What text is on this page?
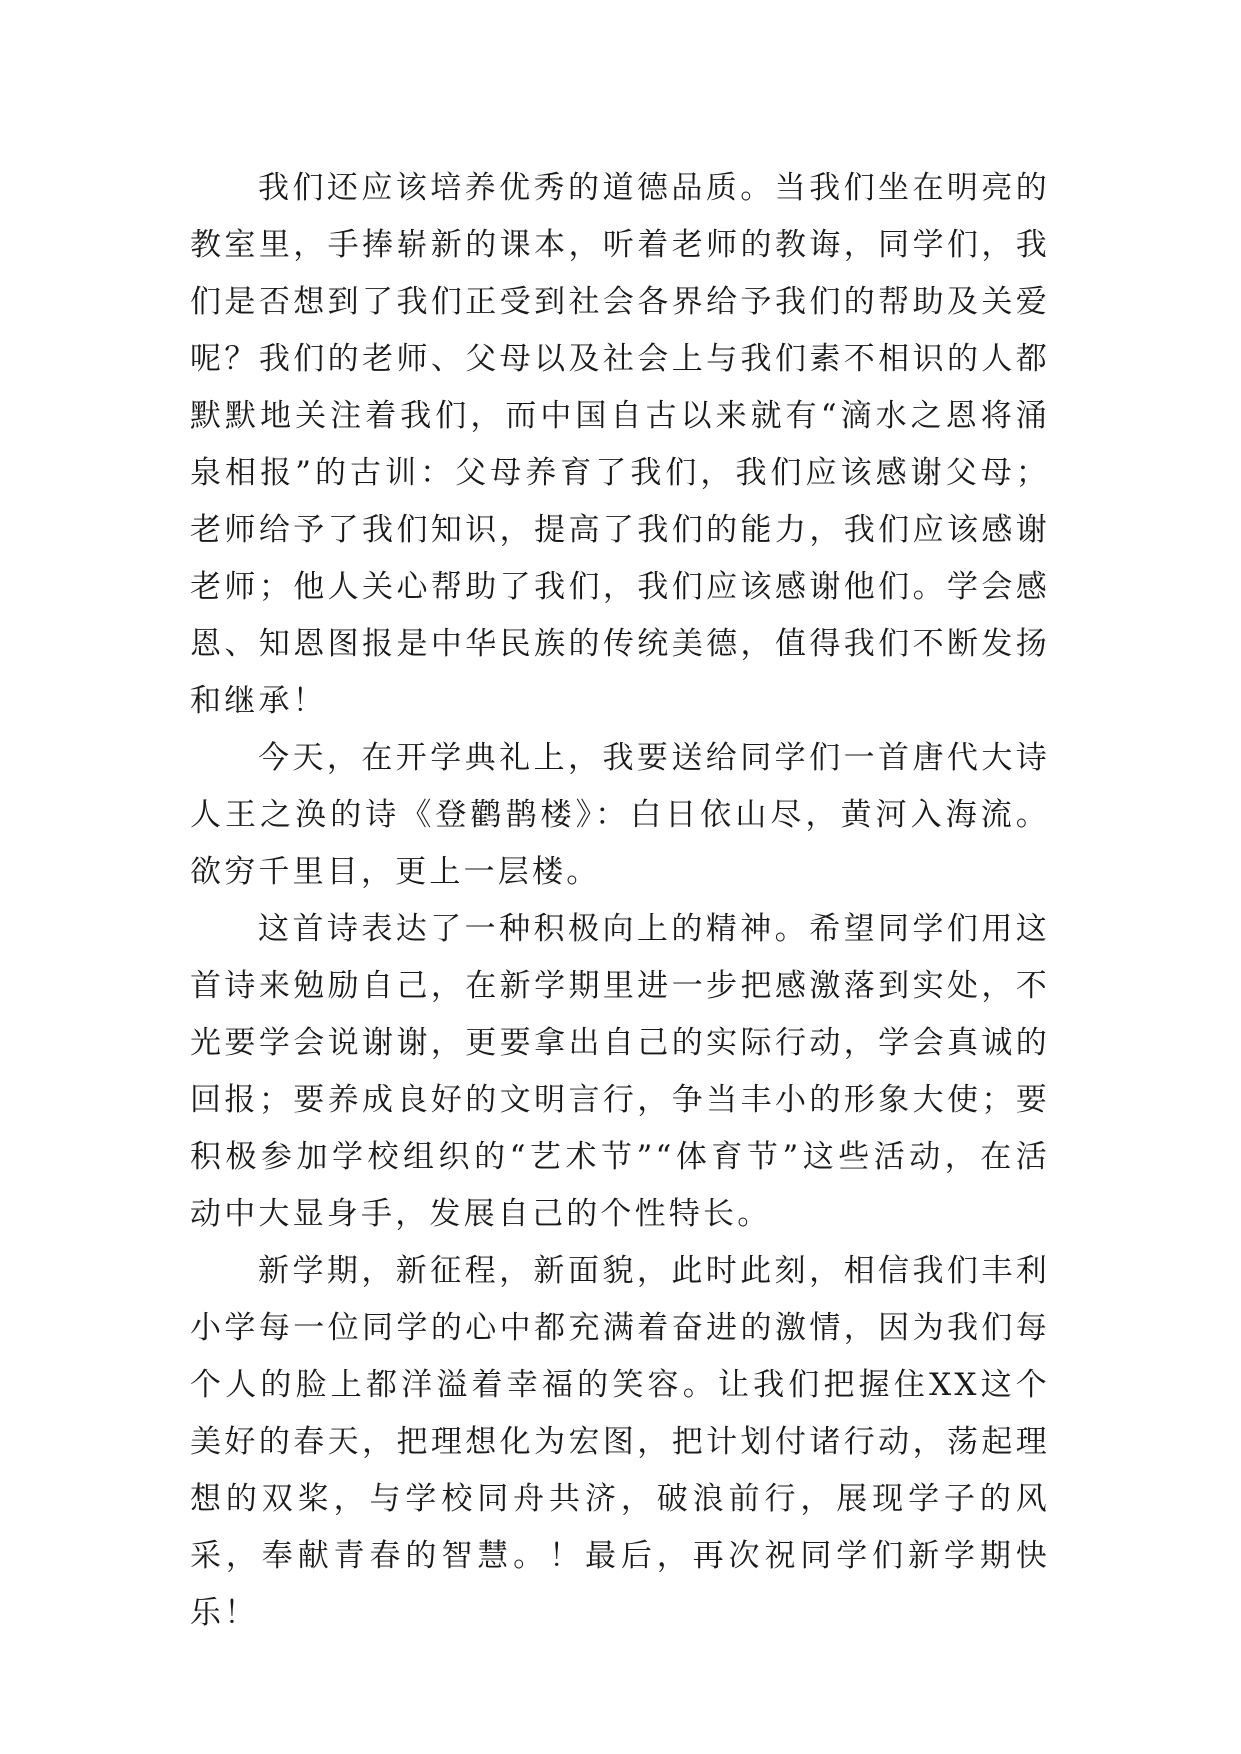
我们还应该培养优秀的道德品质。当我们坐在明亮的教室里，手捧崭新的课本，听着老师的教诲，同学们，我们是否想到了我们正受到社会各界给予我们的帮助及关爱呢？我们的老师、父母以及社会上与我们素不相识的人都默默地关注着我们，而中国自古以来就有“滴水之恩将涌泉相报”的古训：父母养育了我们，我们应该感谢父母；老师给予了我们知识，提高了我们的能力，我们应该感谢老师；他人关心帮助了我们，我们应该感谢他们。学会感恩、知恩图报是中华民族的传统美德，值得我们不断发扬和继承！

今天，在开学典礼上，我要送给同学们一首唐代大诗人王之涣的诗《登鹳鹊楼》：白日依山尽，黄河入海流。欲穷千里目，更上一层楼。

这首诗表达了一种积极向上的精神。希望同学们用这首诗来勉励自己，在新学期里进一步把感激落到实处，不光要学会说谢谢，更要拿出自己的实际行动，学会真诚的回报；要养成良好的文明言行，争当丰小的形象大使；要积极参加学校组织的“艺术节”“体育节”这些活动，在活动中大显身手，发展自己的个性特长。

新学期，新征程，新面貌，此时此刻，相信我们丰利小学每一位同学的心中都充满着奋进的激情，因为我们每个人的脸上都洋溢着幸福的笑容。让我们把握住XX这个美好的春天，把理想化为宏图，把计划付诸行动，荡起理想的双桨，与学校同舟共济，破浪前行，展现学子的风采，奉献青春的智慧。！最后，再次祝同学们新学期快乐！
